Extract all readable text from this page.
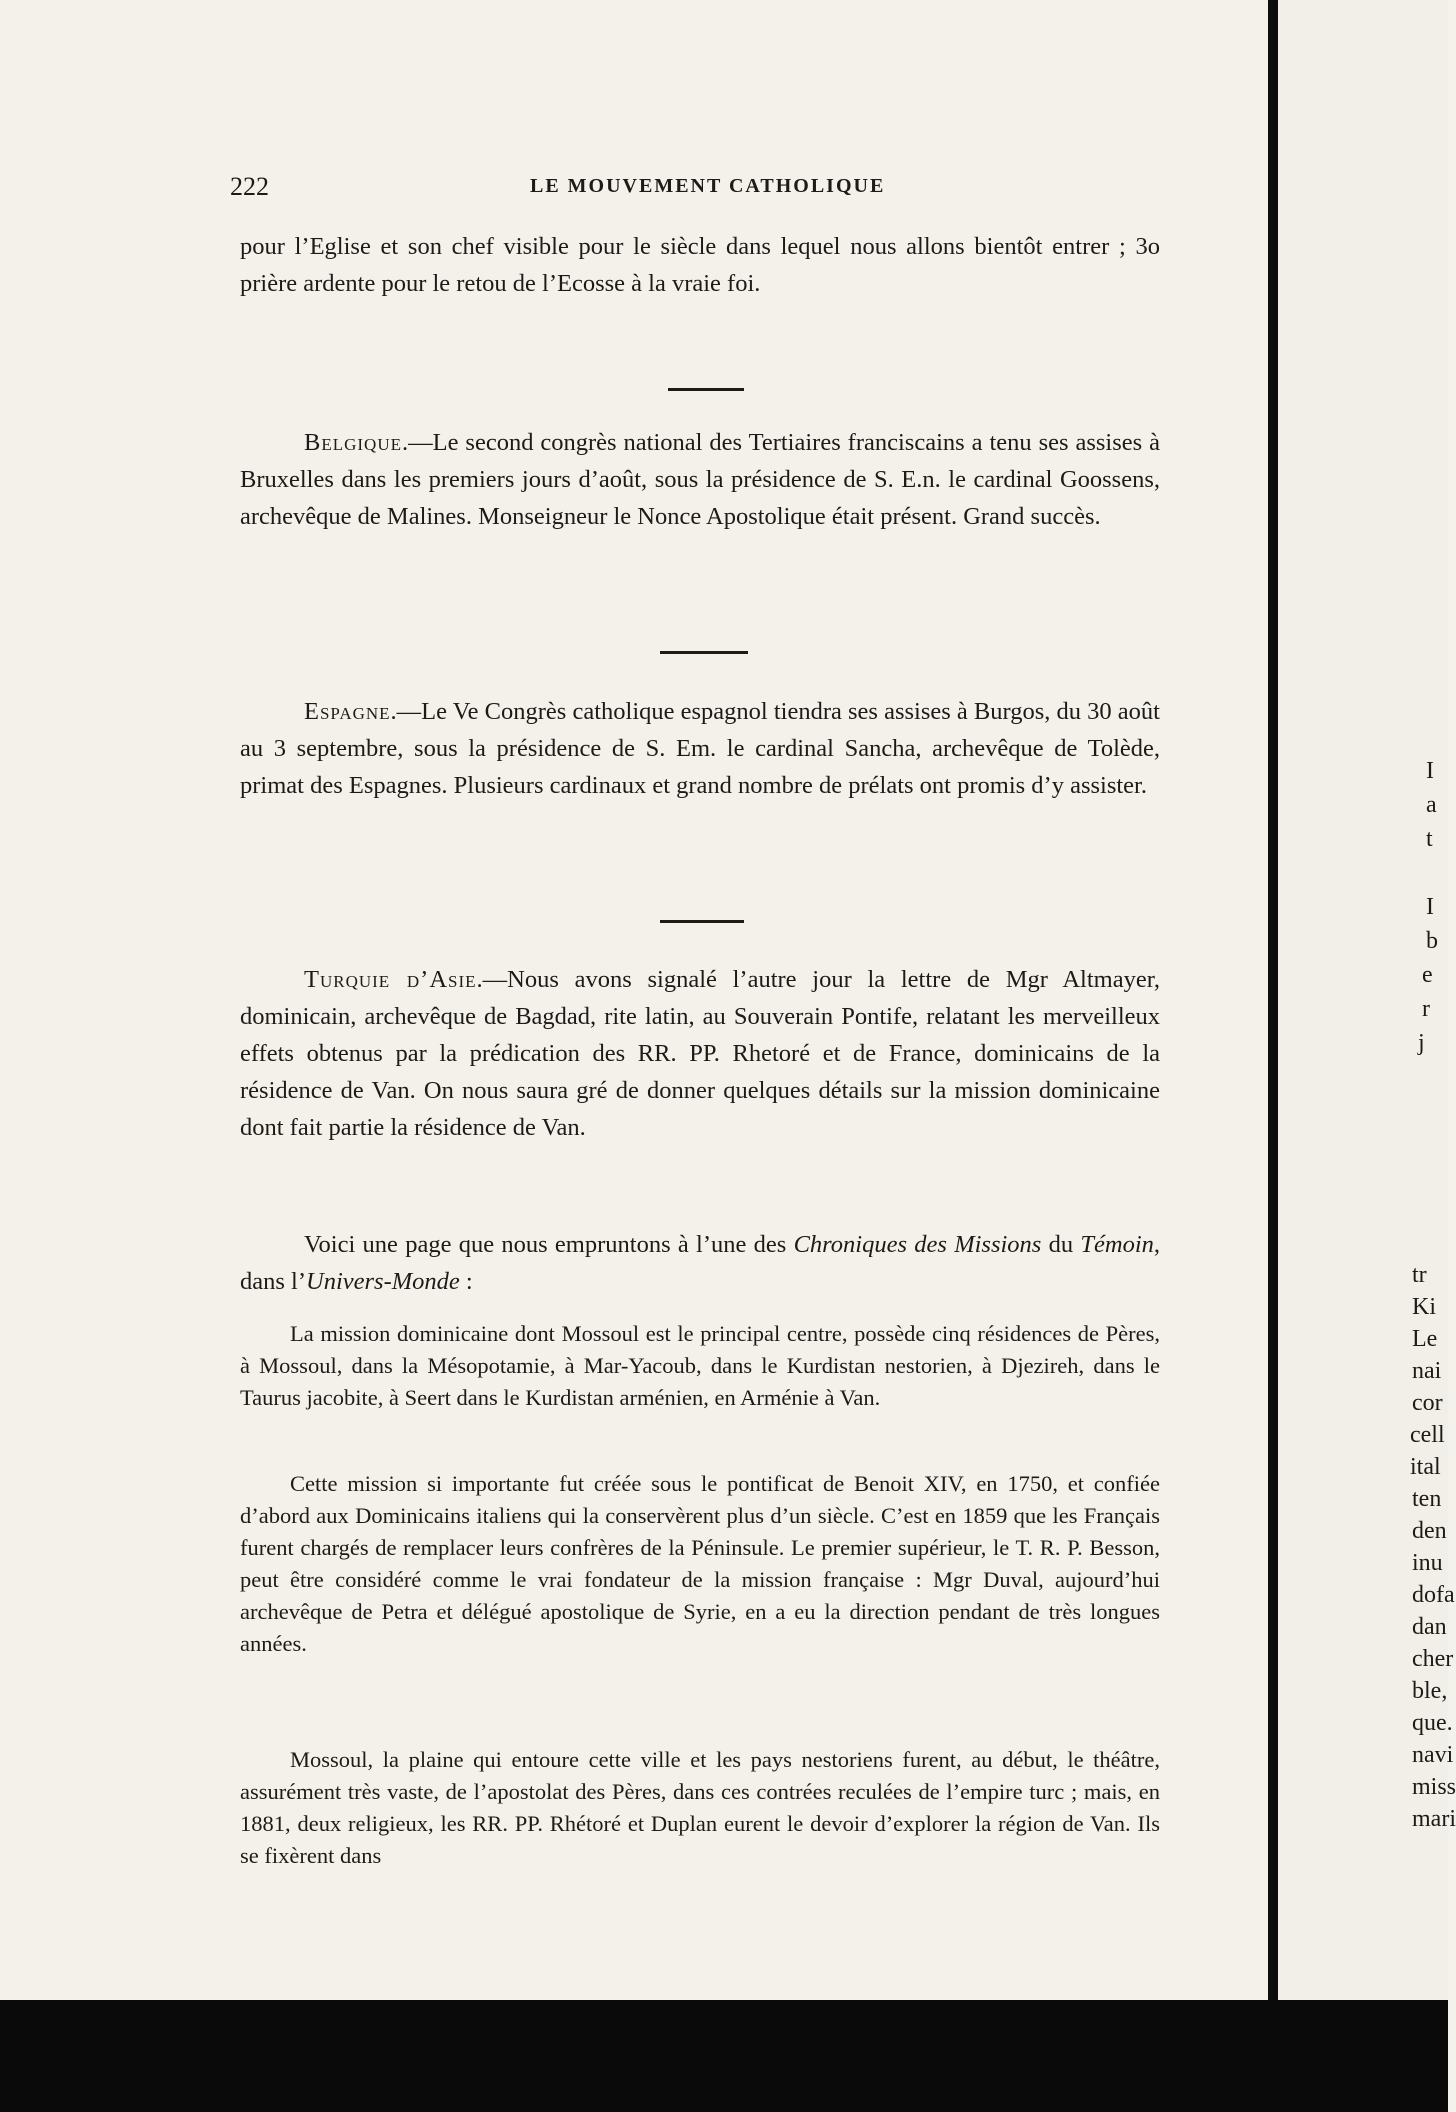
222	LE MOUVEMENT CATHOLIQUE

pour l’Eglise et son chef visible pour le siècle dans lequel nous allons bientôt entrer ; 3o prière ardente pour le retou de l’Ecosse à la vraie foi.

Belgique.—Le second congrès national des Tertiaires franciscains a tenu ses assises à Bruxelles dans les premiers jours d’août, sous la présidence de S. E.n. le cardinal Goossens, archevêque de Malines. Monseigneur le Nonce Apostolique était présent. Grand succès.

Espagne.—Le Ve Congrès catholique espagnol tiendra ses assises à Burgos, du 30 août au 3 septembre, sous la présidence de S. Em. le cardinal Sancha, archevêque de Tolède, primat des Espagnes. Plusieurs cardinaux et grand nombre de prélats ont promis d’y assister.

Turquie d’Asie.—Nous avons signalé l’autre jour la lettre de Mgr Altmayer, dominicain, archevêque de Bagdad, rite latin, au Souverain Pontife, relatant les merveilleux effets obtenus par la prédication des RR. PP. Rhetoré et de France, dominicains de la résidence de Van. On nous saura gré de donner quelques détails sur la mission dominicaine dont fait partie la résidence de Van.

Voici une page que nous empruntons à l’une des Chroniques des Missions du Témoin, dans l’Univers-Monde :

La mission dominicaine dont Mossoul est le principal centre, possède cinq résidences de Pères, à Mossoul, dans la Mésopotamie, à Mar-Yacoub, dans le Kurdistan nestorien, à Djezireh, dans le Taurus jacobite, à Seert dans le Kurdistan arménien, en Arménie à Van.

Cette mission si importante fut créée sous le pontificat de Benoit XIV, en 1750, et confiée d’abord aux Dominicains italiens qui la conservèrent plus d’un siècle. C’est en 1859 que les Français furent chargés de remplacer leurs confrères de la Péninsule. Le premier supérieur, le T. R. P. Besson, peut être considéré comme le vrai fondateur de la mission française : Mgr Duval, aujourd’hui archevêque de Petra et délégué apostolique de Syrie, en a eu la direction pendant de très longues années.

Mossoul, la plaine qui entoure cette ville et les pays nestoriens furent, au début, le théâtre, assurément très vaste, de l’apostolat des Pères, dans ces contrées reculées de l’empire turc ; mais, en 1881, deux religieux, les RR. PP. Rhétoré et Duplan eurent le devoir d’explorer la région de Van. Ils se fixèrent dans

I
a
t
I
b
e
r
j
tr
Ki
Le
nai
cor
cell
ital
ten
den
inu
dofa
dan
cher
ble,
que.
navi
miss
mari
